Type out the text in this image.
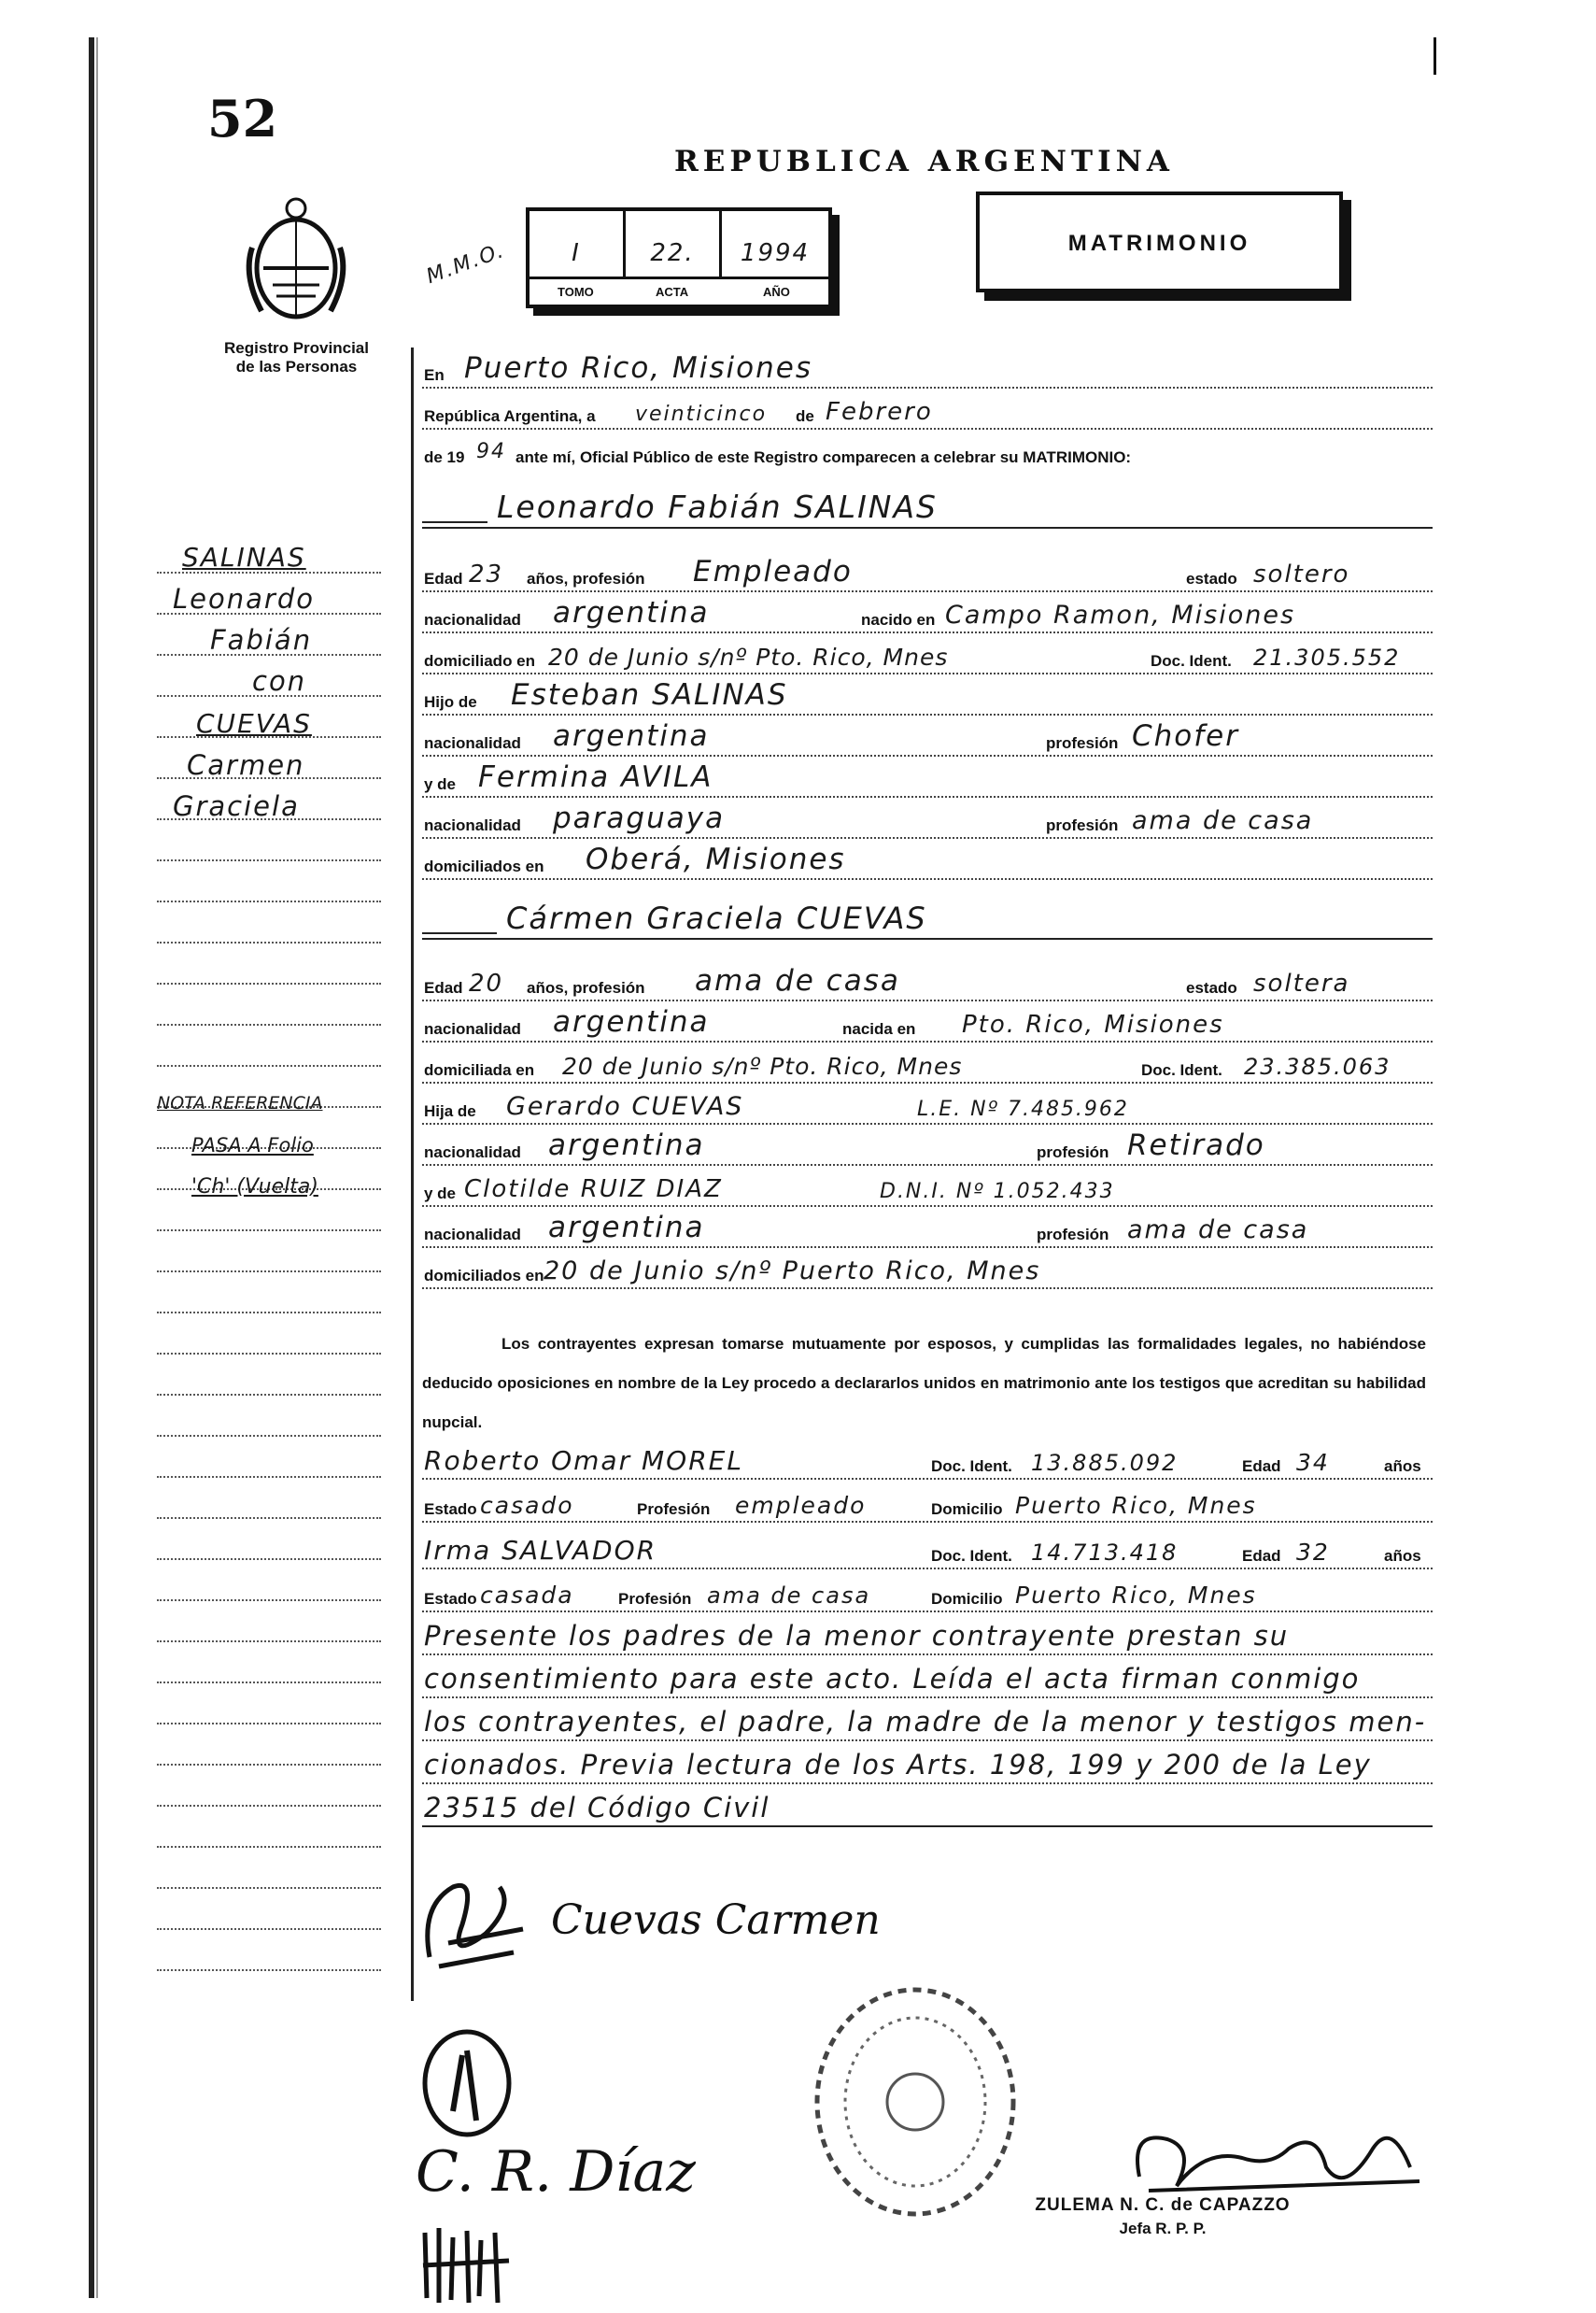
52
Registro Provincial
de las Personas
REPUBLICA ARGENTINA
M.M.O.	I	22.	1994
TOMO	ACTA	AÑO
MATRIMONIO
En Puerto Rico, Misiones
República Argentina, a veinticinco de Febrero
de 19 94 ante mí, Oficial Público de este Registro comparecen a celebrar su MATRIMONIO:
Leonardo Fabián SALINAS
Edad 23 años, profesión Empleado	estado soltero
nacionalidad argentina	nacido en Campo Ramon, Misiones
domiciliado en 20 de Junio s/nº Pto. Rico, Mnes	Doc. Ident. 21.305.552
Hijo de Esteban SALINAS
nacionalidad argentina	profesión Chofer
y de Fermina AVILA
nacionalidad paraguaya	profesión ama de casa
domiciliados en Oberá, Misiones
Cármen Graciela CUEVAS
Edad 20 años, profesión ama de casa	estado soltera
nacionalidad argentina	nacida en Pto. Rico, Misiones
domiciliada en 20 de Junio s/nº Pto. Rico, Mnes	Doc. Ident. 23.385.063
Hija de Gerardo CUEVAS	L.E. Nº 7.485.962
nacionalidad argentina	profesión Retirado
y de Clotilde RUIZ DIAZ	D.N.I. Nº 1.052.433
nacionalidad argentina	profesión ama de casa
domiciliados en 20 de Junio s/nº Puerto Rico, Mnes
Los contrayentes expresan tomarse mutuamente por esposos, y cumplidas las formalidades legales, no habiéndose deducido oposiciones en nombre de la Ley procedo a declararlos unidos en matrimonio ante los testigos que acreditan su habilidad nupcial.
Roberto Omar MOREL	Doc. Ident. 13.885.092	Edad 34	años
Estado casado	Profesión empleado	Domicilio Puerto Rico, Mnes
Irma SALVADOR	Doc. Ident. 14.713.418	Edad 32	años
Estado casada	Profesión ama de casa	Domicilio Puerto Rico, Mnes
Presente los padres de la menor contrayente prestan su
consentimiento para este acto. Leída el acta firman conmigo
los contrayentes, el padre, la madre de la menor y testigos men-
cionados. Previa lectura de los Arts. 198, 199 y 200 de la Ley
23515 del Código Civil
SALINAS
Leonardo
Fabián
con
CUEVAS
Carmen
Graciela
NOTA REFERENCIA
PASA A Folio
'Ch' (Vuelta)
Cuevas Carmen
C. R. Díaz
ZULEMA N. C. de CAPAZZO
Jefa R. P. P.
